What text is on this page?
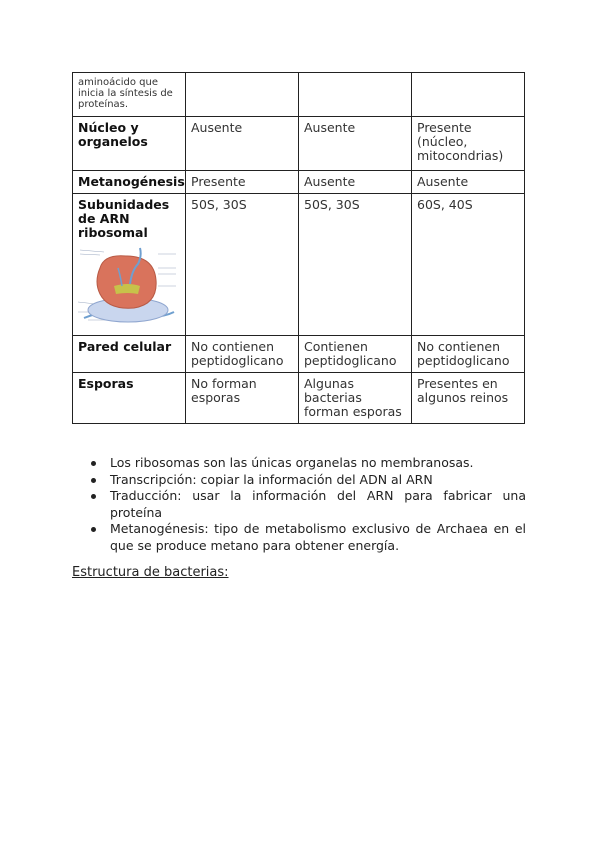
aminoácido que inicia la síntesis de proteínas.			
Núcleo y organelos	Ausente	Ausente	Presente (núcleo, mitocondrias)
Metanogénesis	Presente	Ausente	Ausente

Subunidades de ARN ribosomal	50S, 30S	50S, 30S	60S, 40S
Pared celular	No contienen peptidoglicano	Contienen peptidoglicano	No contienen peptidoglicano
Esporas	No forman esporas	Algunas bacterias forman esporas	Presentes en algunos reinos
Los ribosomas son las únicas organelas no membranosas.
Transcripción: copiar la información del ADN al ARN
Traducción: usar la información del ARN para fabricar una proteína
Metanogénesis: tipo de metabolismo exclusivo de Archaea en el que se produce metano para obtener energía.
Estructura de bacterias:
